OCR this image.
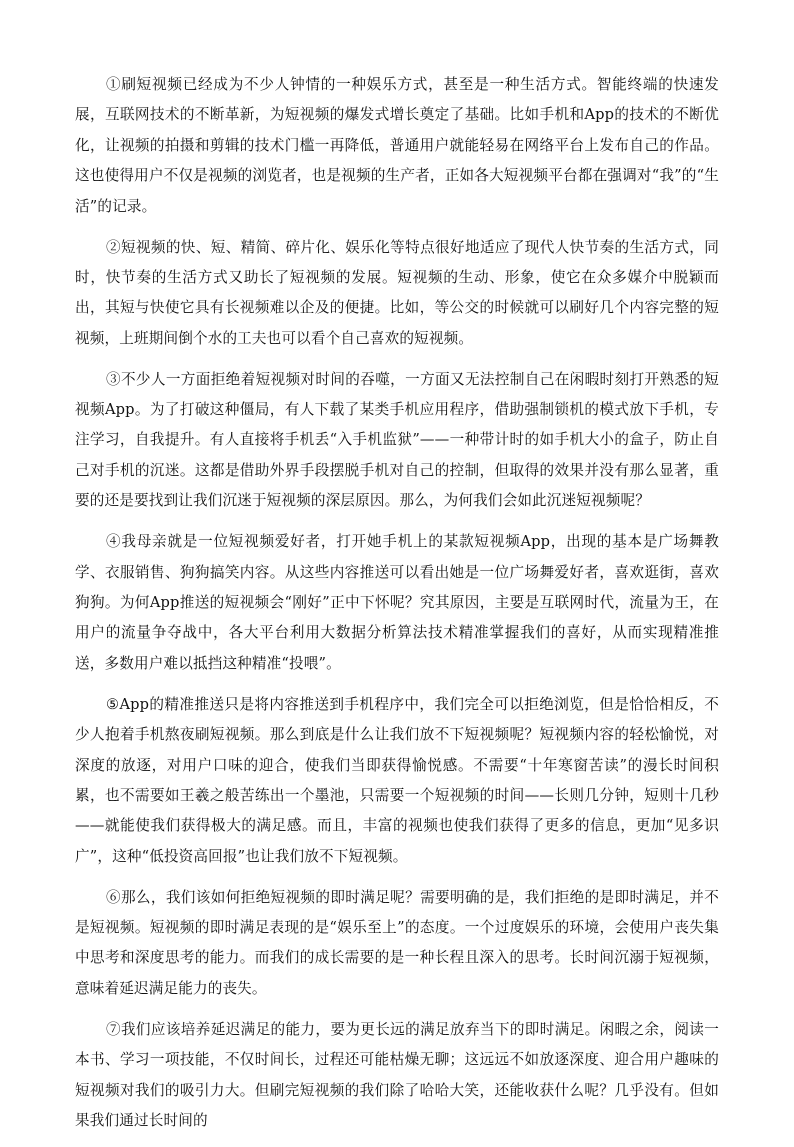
①刷短视频已经成为不少人钟情的一种娱乐方式，甚至是一种生活方式。智能终端的快速发展，互联网技术的不断革新，为短视频的爆发式增长奠定了基础。比如手机和App的技术的不断优化，让视频的拍摄和剪辑的技术门槛一再降低，普通用户就能轻易在网络平台上发布自己的作品。这也使得用户不仅是视频的浏览者，也是视频的生产者，正如各大短视频平台都在强调对“我”的“生活”的记录。

②短视频的快、短、精简、碎片化、娱乐化等特点很好地适应了现代人快节奏的生活方式，同时，快节奏的生活方式又助长了短视频的发展。短视频的生动、形象，使它在众多媒介中脱颖而出，其短与快使它具有长视频难以企及的便捷。比如，等公交的时候就可以刷好几个内容完整的短视频，上班期间倒个水的工夫也可以看个自己喜欢的短视频。

③不少人一方面拒绝着短视频对时间的吞噬，一方面又无法控制自己在闲暇时刻打开熟悉的短视频App。为了打破这种僵局，有人下载了某类手机应用程序，借助强制锁机的模式放下手机，专注学习，自我提升。有人直接将手机丢“入手机监狱”——一种带计时的如手机大小的盒子，防止自己对手机的沉迷。这都是借助外界手段摆脱手机对自己的控制，但取得的效果并没有那么显著，重要的还是要找到让我们沉迷于短视频的深层原因。那么，为何我们会如此沉迷短视频呢？

④我母亲就是一位短视频爱好者，打开她手机上的某款短视频App，出现的基本是广场舞教学、衣服销售、狗狗搞笑内容。从这些内容推送可以看出她是一位广场舞爱好者，喜欢逛街，喜欢狗狗。为何App推送的短视频会“刚好”正中下怀呢？究其原因，主要是互联网时代，流量为王，在用户的流量争夺战中，各大平台利用大数据分析算法技术精准掌握我们的喜好，从而实现精准推送，多数用户难以抵挡这种精准“投喂”。

⑤App的精准推送只是将内容推送到手机程序中，我们完全可以拒绝浏览，但是恰恰相反，不少人抱着手机熬夜刷短视频。那么到底是什么让我们放不下短视频呢？短视频内容的轻松愉悦，对深度的放逐，对用户口味的迎合，使我们当即获得愉悦感。不需要“十年寒窗苦读”的漫长时间积累，也不需要如王羲之般苦练出一个墨池，只需要一个短视频的时间——长则几分钟，短则十几秒——就能使我们获得极大的满足感。而且，丰富的视频也使我们获得了更多的信息，更加“见多识广”，这种“低投资高回报”也让我们放不下短视频。

⑥那么，我们该如何拒绝短视频的即时满足呢？需要明确的是，我们拒绝的是即时满足，并不是短视频。短视频的即时满足表现的是“娱乐至上”的态度。一个过度娱乐的环境，会使用户丧失集中思考和深度思考的能力。而我们的成长需要的是一种长程且深入的思考。长时间沉溺于短视频，意味着延迟满足能力的丧失。

⑦我们应该培养延迟满足的能力，要为更长远的满足放弃当下的即时满足。闲暇之余，阅读一本书、学习一项技能，不仅时间长，过程还可能枯燥无聊；这远远不如放逐深度、迎合用户趣味的短视频对我们的吸引力大。但刷完短视频的我们除了哈哈大笑，还能收获什么呢？几乎没有。但如果我们通过长时间的
